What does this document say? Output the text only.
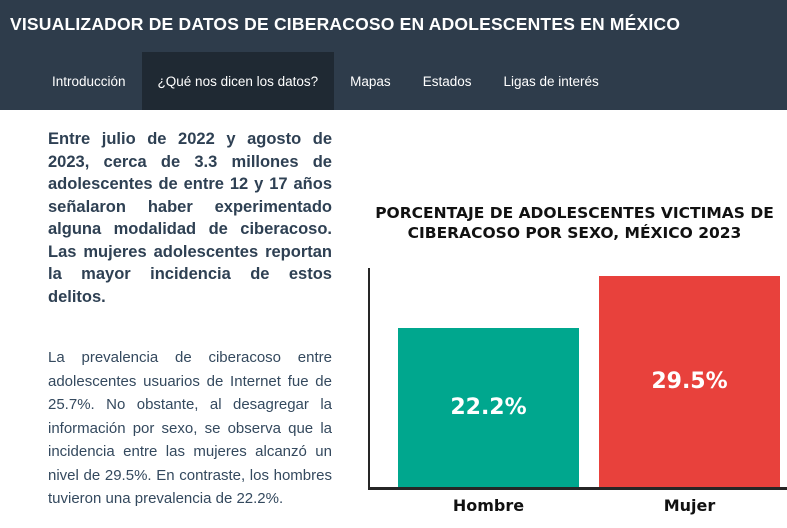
VISUALIZADOR DE DATOS DE CIBERACOSO EN ADOLESCENTES EN MÉXICO
Introducción	¿Qué nos dicen los datos?	Mapas	Estados	Ligas de interés

Entre julio de 2022 y agosto de 2023, cerca de 3.3 millones de adolescentes de entre 12 y 17 años señalaron haber experimentado alguna modalidad de ciberacoso. Las mujeres adolescentes reportan la mayor incidencia de estos delitos.

La prevalencia de ciberacoso entre adolescentes usuarios de Internet fue de 25.7%. No obstante, al desagregar la información por sexo, se observa que la incidencia entre las mujeres alcanzó un nivel de 29.5%. En contraste, los hombres tuvieron una prevalencia de 22.2%.

PORCENTAJE DE ADOLESCENTES VICTIMAS DE CIBERACOSO POR SEXO, MÉXICO 2023
22.2%
Hombre
29.5%
Mujer
